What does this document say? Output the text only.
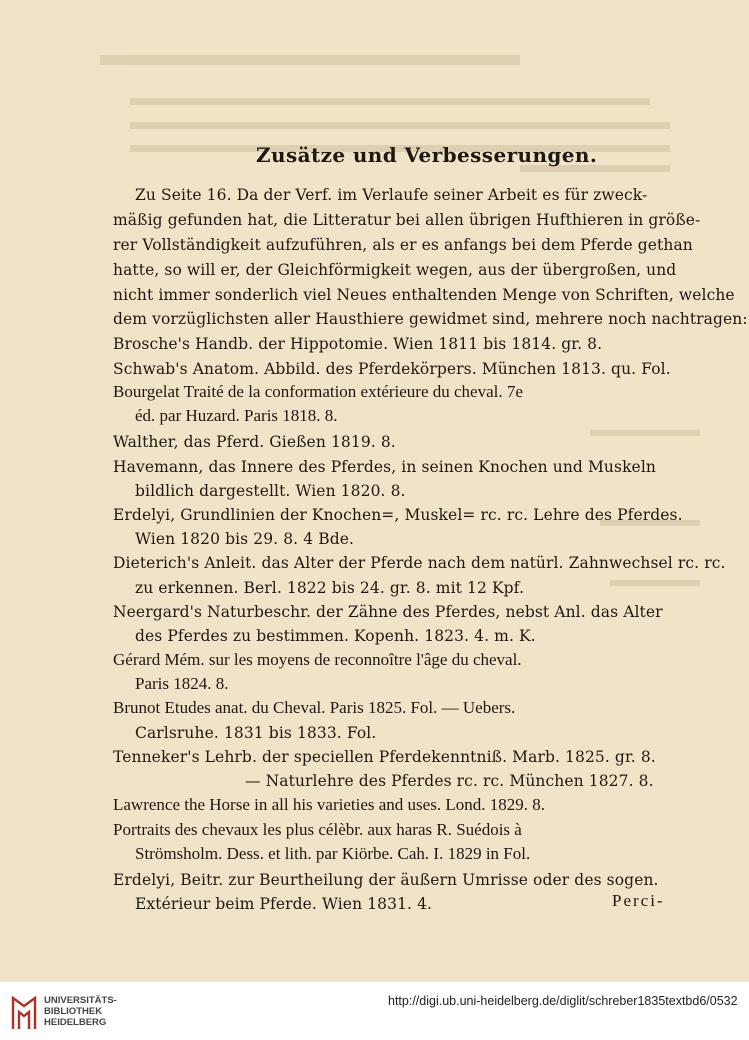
Zusätze und Verbesserungen.
Zu Seite 16. Da der Verf. im Verlaufe seiner Arbeit es für zweck-
mäßig gefunden hat, die Litteratur bei allen übrigen Hufthieren in größe-
rer Vollständigkeit aufzuführen, als er es anfangs bei dem Pferde gethan
hatte, so will er, der Gleichförmigkeit wegen, aus der übergroßen, und
nicht immer sonderlich viel Neues enthaltenden Menge von Schriften, welche
dem vorzüglichsten aller Hausthiere gewidmet sind, mehrere noch nachtragen:
Brosche's Handb. der Hippotomie. Wien 1811 bis 1814. gr. 8.
Schwab's Anatom. Abbild. des Pferdekörpers. München 1813. qu. Fol.
Bourgelat Traité de la conformation extérieure du cheval. 7e
éd. par Huzard. Paris 1818. 8.
Walther, das Pferd. Gießen 1819. 8.
Havemann, das Innere des Pferdes, in seinen Knochen und Muskeln
bildlich dargestellt. Wien 1820. 8.
Erdelyi, Grundlinien der Knochen=, Muskel= rc. rc. Lehre des Pferdes.
Wien 1820 bis 29. 8. 4 Bde.
Dieterich's Anleit. das Alter der Pferde nach dem natürl. Zahnwechsel rc. rc.
zu erkennen. Berl. 1822 bis 24. gr. 8. mit 12 Kpf.
Neergard's Naturbeschr. der Zähne des Pferdes, nebst Anl. das Alter
des Pferdes zu bestimmen. Kopenh. 1823. 4. m. K.
Gérard Mém. sur les moyens de reconnoître l'âge du cheval.
Paris 1824. 8.
Brunot Etudes anat. du Cheval. Paris 1825. Fol. — Uebers.
Carlsruhe. 1831 bis 1833. Fol.
Tenneker's Lehrb. der speciellen Pferdekenntniß. Marb. 1825. gr. 8.
— Naturlehre des Pferdes rc. rc. München 1827. 8.
Lawrence the Horse in all his varieties and uses. Lond. 1829. 8.
Portraits des chevaux les plus célèbr. aux haras R. Suédois à
Strömsholm. Dess. et lith. par Kiörbe. Cah. I. 1829 in Fol.
Erdelyi, Beitr. zur Beurtheilung der äußern Umrisse oder des sogen.
Extérieur beim Pferde. Wien 1831. 4.	Perci-
UNIVERSITÄTS-
BIBLIOTHEK
HEIDELBERG
http://digi.ub.uni-heidelberg.de/diglit/schreber1835textbd6/0532
